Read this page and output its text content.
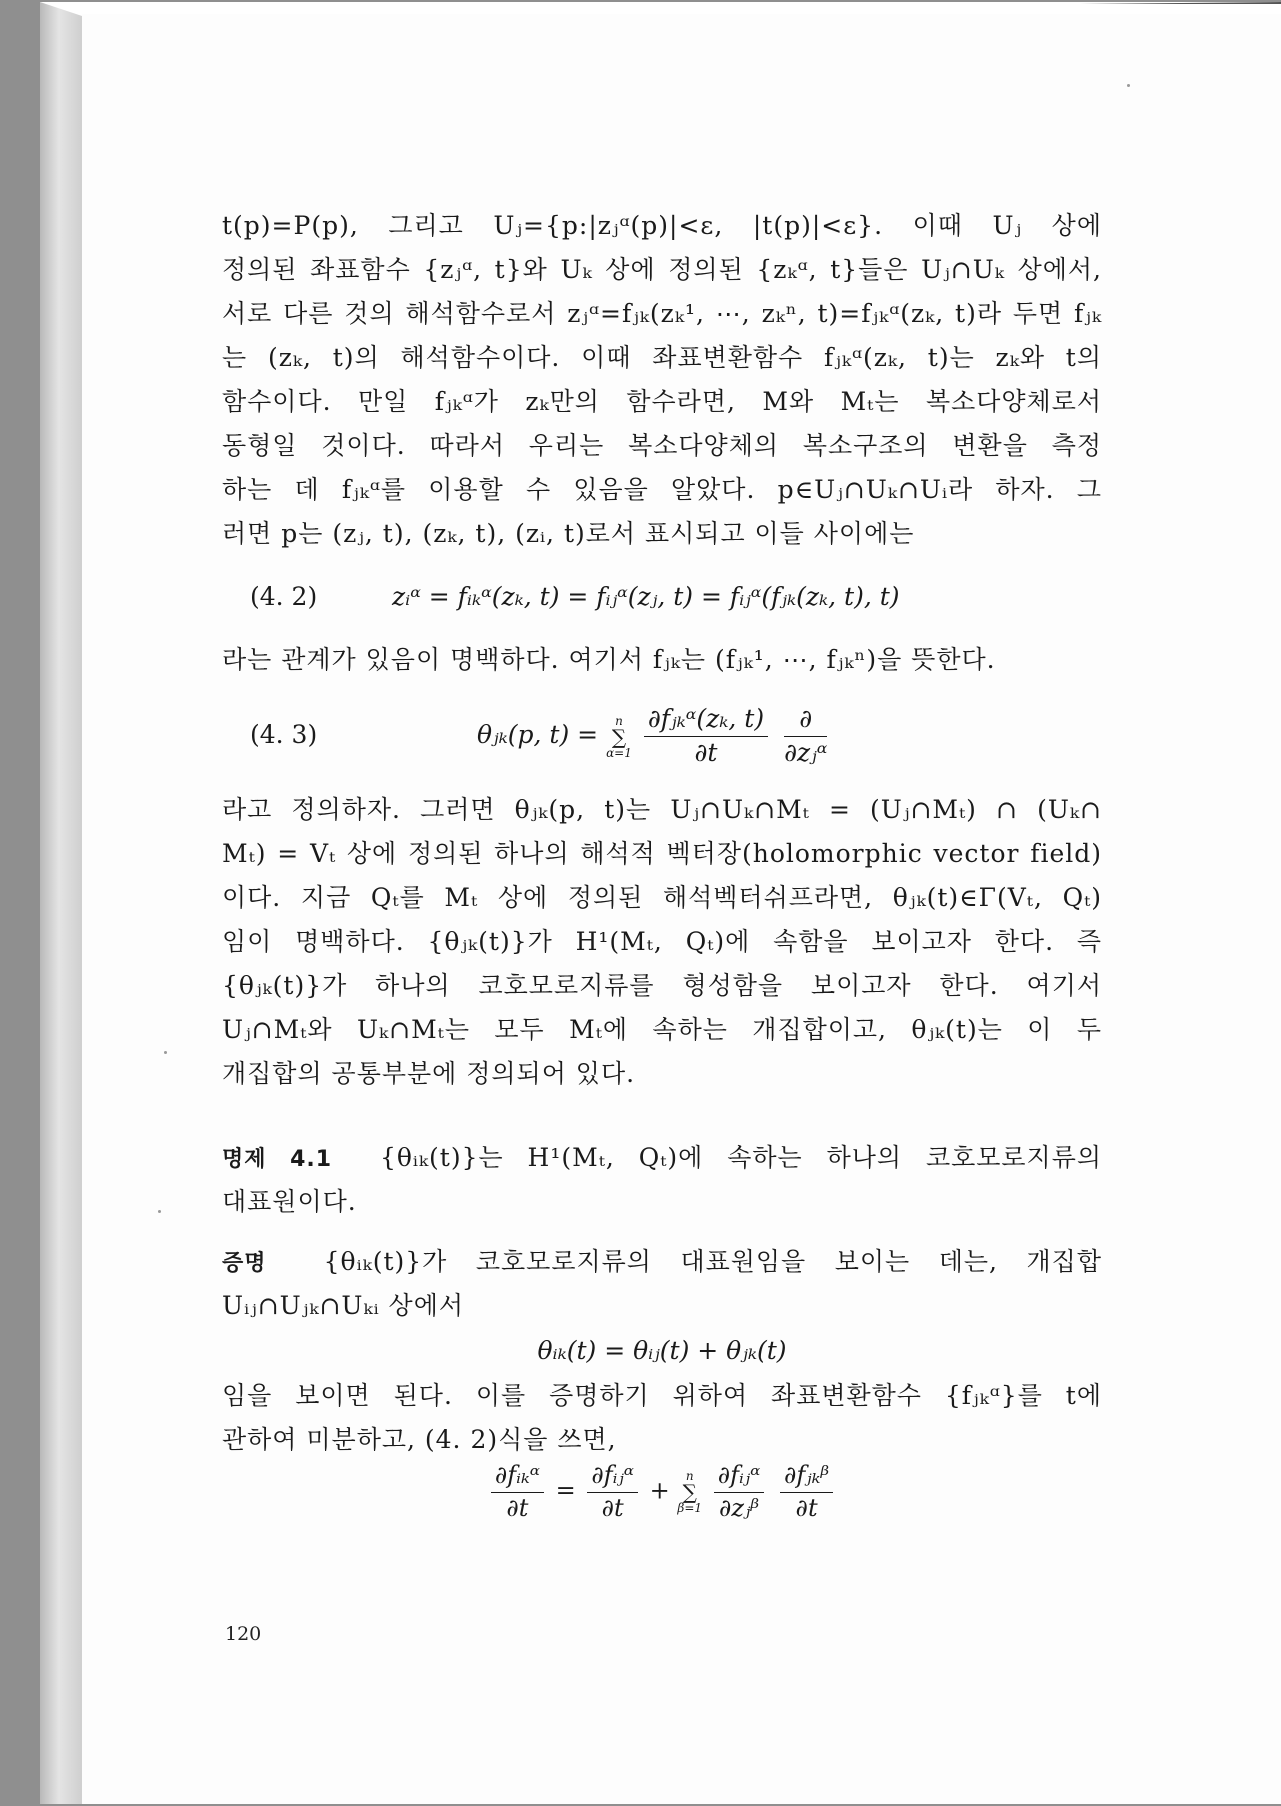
t(p)=P(p), 그리고 Uⱼ={p:|zⱼᵅ(p)|<ε, |t(p)|<ε}. 이때 Uⱼ 상에
정의된 좌표함수 {zⱼᵅ, t}와 Uₖ 상에 정의된 {zₖᵅ, t}들은 Uⱼ∩Uₖ 상에서,
서로 다른 것의 해석함수로서 zⱼᵅ=fⱼₖ(zₖ¹, ⋯, zₖⁿ, t)=fⱼₖᵅ(zₖ, t)라 두면 fⱼₖ
는 (zₖ, t)의 해석함수이다. 이때 좌표변환함수 fⱼₖᵅ(zₖ, t)는 zₖ와 t의
함수이다. 만일 fⱼₖᵅ가 zₖ만의 함수라면, M와 Mₜ는 복소다양체로서
동형일 것이다. 따라서 우리는 복소다양체의 복소구조의 변환을 측정
하는 데 fⱼₖᵅ를 이용할 수 있음을 알았다. p∈Uⱼ∩Uₖ∩Uᵢ라 하자. 그
러면 p는 (zⱼ, t), (zₖ, t), (zᵢ, t)로서 표시되고 이들 사이에는
(4. 2)	zᵢᵅ = fᵢₖᵅ(zₖ, t) = fᵢⱼᵅ(zⱼ, t) = fᵢⱼᵅ(fⱼₖ(zₖ, t), t)
라는 관계가 있음이 명백하다. 여기서 fⱼₖ는 (fⱼₖ¹, ⋯, fⱼₖⁿ)을 뜻한다.
(4. 3)	θⱼₖ(p, t) =	n
∑
α=1
$\frac{\text{∂fⱼₖᵅ(zₖ, t)}}{\partial t}$
$\frac{\partial}{\text{∂zⱼᵅ}}$
라고 정의하자. 그러면 θⱼₖ(p, t)는 Uⱼ∩Uₖ∩Mₜ = (Uⱼ∩Mₜ) ∩ (Uₖ∩
Mₜ) = Vₜ 상에 정의된 하나의 해석적 벡터장(holomorphic vector field)
이다. 지금 Qₜ를 Mₜ 상에 정의된 해석벡터쉬프라면, θⱼₖ(t)∈Γ(Vₜ, Qₜ)
임이 명백하다. {θⱼₖ(t)}가 H¹(Mₜ, Qₜ)에 속함을 보이고자 한다. 즉
{θⱼₖ(t)}가 하나의 코호모로지류를 형성함을 보이고자 한다. 여기서
Uⱼ∩Mₜ와 Uₖ∩Mₜ는 모두 Mₜ에 속하는 개집합이고, θⱼₖ(t)는 이 두
개집합의 공통부분에 정의되어 있다.
명제 4.1 {θᵢₖ(t)}는 H¹(Mₜ, Qₜ)에 속하는 하나의 코호모로지류의
대표원이다.
증명 {θᵢₖ(t)}가 코호모로지류의 대표원임을 보이는 데는, 개집합
Uᵢⱼ∩Uⱼₖ∩Uₖᵢ 상에서
θᵢₖ(t) = θᵢⱼ(t) + θⱼₖ(t)
임을 보이면 된다. 이를 증명하기 위하여 좌표변환함수 {fⱼₖᵅ}를 t에
관하여 미분하고, (4. 2)식을 쓰면,
$\frac{\text{∂fᵢₖᵅ}}{\partial t} = \frac{\text{∂fᵢⱼᵅ}}{\partial t}$ +
n
∑
β=1
$\frac{\text{∂fᵢⱼᵅ}}{\text{∂zⱼᵝ}}$
$\frac{\text{∂fⱼₖᵝ}}{\partial t}$
120
